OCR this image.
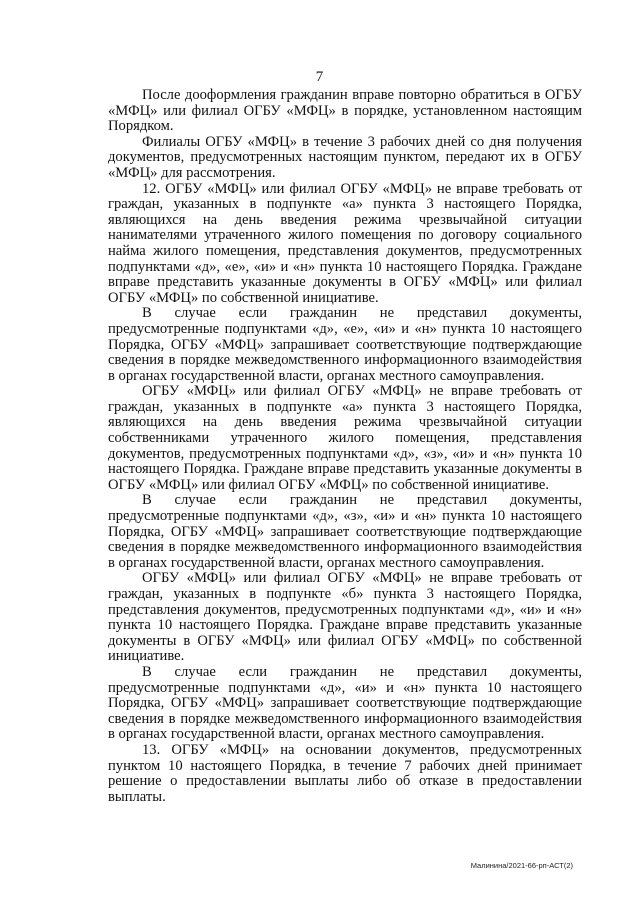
7

После дооформления гражданин вправе повторно обратиться в ОГБУ «МФЦ» или филиал ОГБУ «МФЦ» в порядке, установленном настоящим Порядком.

Филиалы ОГБУ «МФЦ» в течение 3 рабочих дней со дня получения документов, предусмотренных настоящим пунктом, передают их в ОГБУ «МФЦ» для рассмотрения.

12. ОГБУ «МФЦ» или филиал ОГБУ «МФЦ» не вправе требовать от граждан, указанных в подпункте «а» пункта 3 настоящего Порядка, являющихся на день введения режима чрезвычайной ситуации нанимателями утраченного жилого помещения по договору социального найма жилого помещения, представления документов, предусмотренных подпунктами «д», «е», «и» и «н» пункта 10 настоящего Порядка. Граждане вправе представить указанные документы в ОГБУ «МФЦ» или филиал ОГБУ «МФЦ» по собственной инициативе.

В случае если гражданин не представил документы, предусмотренные подпунктами «д», «е», «и» и «н» пункта 10 настоящего Порядка, ОГБУ «МФЦ» запрашивает соответствующие подтверждающие сведения в порядке межведомственного информационного взаимодействия в органах государственной власти, органах местного самоуправления.

ОГБУ «МФЦ» или филиал ОГБУ «МФЦ» не вправе требовать от граждан, указанных в подпункте «а» пункта 3 настоящего Порядка, являющихся на день введения режима чрезвычайной ситуации собственниками утраченного жилого помещения, представления документов, предусмотренных подпунктами «д», «з», «и» и «н» пункта 10 настоящего Порядка. Граждане вправе представить указанные документы в ОГБУ «МФЦ» или филиал ОГБУ «МФЦ» по собственной инициативе.

В случае если гражданин не представил документы, предусмотренные подпунктами «д», «з», «и» и «н» пункта 10 настоящего Порядка, ОГБУ «МФЦ» запрашивает соответствующие подтверждающие сведения в порядке межведомственного информационного взаимодействия в органах государственной власти, органах местного самоуправления.

ОГБУ «МФЦ» или филиал ОГБУ «МФЦ» не вправе требовать от граждан, указанных в подпункте «б» пункта 3 настоящего Порядка, представления документов, предусмотренных подпунктами «д», «и» и «н» пункта 10 настоящего Порядка. Граждане вправе представить указанные документы в ОГБУ «МФЦ» или филиал ОГБУ «МФЦ» по собственной инициативе.

В случае если гражданин не представил документы, предусмотренные подпунктами «д», «и» и «н» пункта 10 настоящего Порядка, ОГБУ «МФЦ» запрашивает соответствующие подтверждающие сведения в порядке межведомственного информационного взаимодействия в органах государственной власти, органах местного самоуправления.

13. ОГБУ «МФЦ» на основании документов, предусмотренных пунктом 10 настоящего Порядка, в течение 7 рабочих дней принимает решение о предоставлении выплаты либо об отказе в предоставлении выплаты.

Малинина/2021-66-рп-АСТ(2)
